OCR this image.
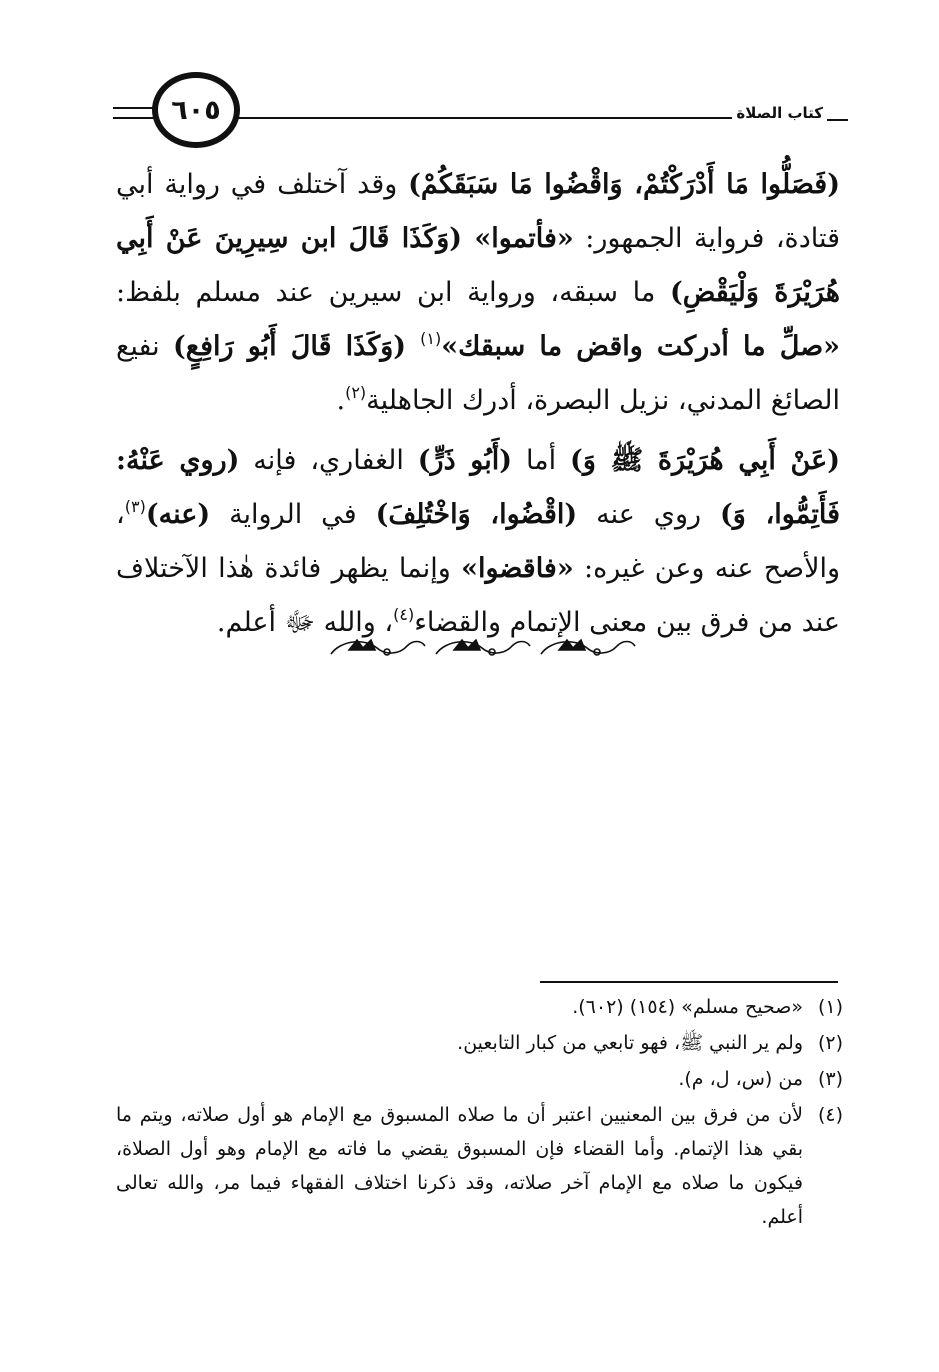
٦٠٥	كتاب الصلاة

(فَصَلُّوا مَا أَدْرَكْتُمْ، وَاقْضُوا مَا سَبَقَكُمْ) وقد آختلف في رواية أبي قتادة، فرواية الجمهور: «فأتموا» (وَكَذَا قَالَ ابن سِيرِينَ عَنْ أَبِي هُرَيْرَةَ وَلْيَقْضِ) ما سبقه، ورواية ابن سيرين عند مسلم بلفظ: «صلِّ ما أدركت واقض ما سبقك»$^{(١)}$ (وَكَذَا قَالَ أَبُو رَافِعٍ) نفيع الصائغ المدني، نزيل البصرة، أدرك الجاهلية$^{(٢)}$.

(عَنْ أَبِي هُرَيْرَةَ ﷺ وَ) أما (أَبُو ذَرٍّ) الغفاري، فإنه (روي عَنْهُ: فَأَتِمُّوا، وَ) روي عنه (اقْضُوا، وَاخْتُلِفَ) في الرواية (عنه)$^{(٣)}$، والأصح عنه وعن غيره: «فاقضوا» وإنما يظهر فائدة هٰذا الآختلاف عند من فرق بين معنى الإتمام والقضاء$^{(٤)}$، والله ﷻ أعلم.

(١)
«صحيح مسلم» (١٥٤) (٦٠٢).
(٢)
ولم ير النبي ﷺ، فهو تابعي من كبار التابعين.
(٣)
من (س، ل، م).
(٤)
لأن من فرق بين المعنيين اعتبر أن ما صلاه المسبوق مع الإمام هو أول صلاته، ويتم ما بقي هذا الإتمام. وأما القضاء فإن المسبوق يقضي ما فاته مع الإمام وهو أول الصلاة، فيكون ما صلاه مع الإمام آخر صلاته، وقد ذكرنا اختلاف الفقهاء فيما مر، والله تعالى أعلم.
